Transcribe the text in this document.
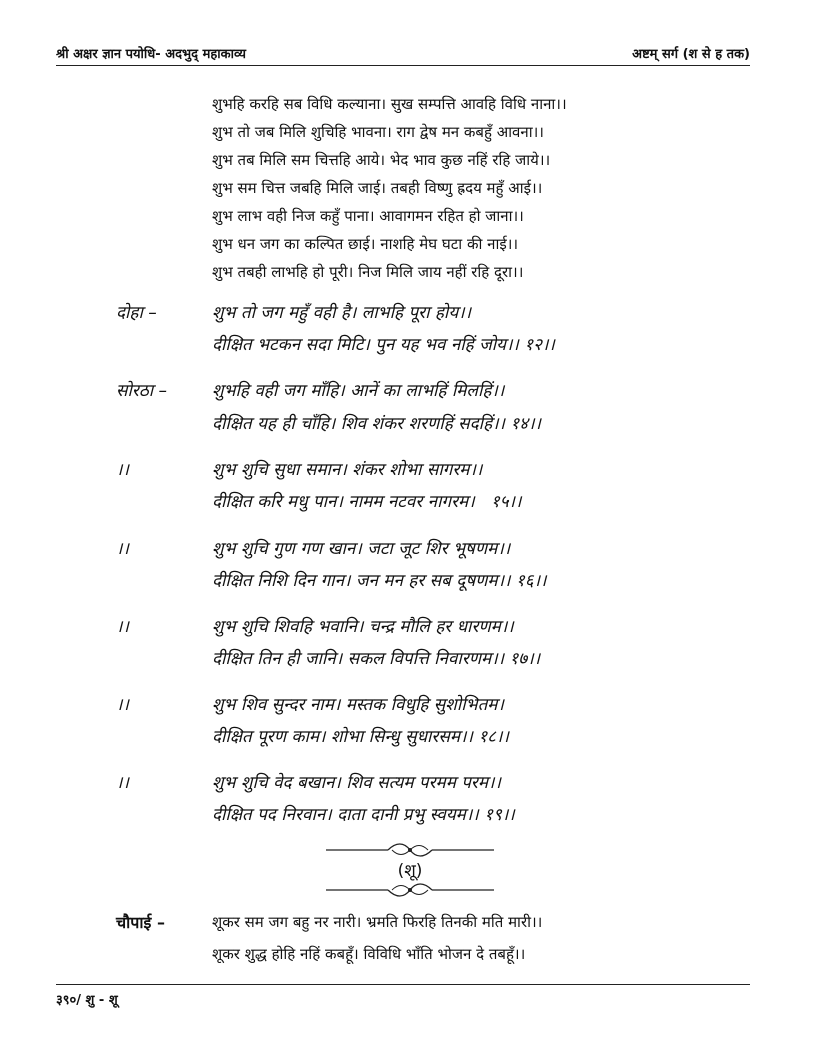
श्री अक्षर ज्ञान पयोधि- अदभुद् महाकाव्य	अष्टम् सर्ग (श से ह तक)
शुभहि करहि सब विधि कल्याना। सुख सम्पत्ति आवहि विधि नाना।।
शुभ तो जब मिलि शुचिहि भावना। राग द्वेष मन कबहुँ आवना।।
शुभ तब मिलि सम चित्तहि आये। भेद भाव कुछ नहिं रहि जाये।।
शुभ सम चित्त जबहि मिलि जाई। तबही विष्णु ह्रदय महुँ आई।।
शुभ लाभ वही निज कहुँ पाना। आवागमन रहित हो जाना।।
शुभ धन जग का कल्पित छाई। नाशहि मेघ घटा की नाई।।
शुभ तबही लाभहि हो पूरी। निज मिलि जाय नहीं रहि दूरा।।
दोहा –	शुभ तो जग महुँ वही है। लाभहि पूरा होय।।
दीक्षित भटकन सदा मिटि। पुन यह भव नहिं जोय।। १२।।
सोरठा –	शुभहि वही जग माँहि। आनें का लाभहिं मिलहिं।।
दीक्षित यह ही चाँहि। शिव शंकर शरणहिं सदहिं।। १४।।
।।	शुभ शुचि सुधा समान। शंकर शोभा सागरम।।
दीक्षित करि मधु पान। नामम नटवर नागरम।   १५।।
।।	शुभ शुचि गुण गण खान। जटा जूट शिर भूषणम।।
दीक्षित निशि दिन गान। जन मन हर सब दूषणम।। १६।।
।।	शुभ शुचि शिवहि भवानि। चन्द्र मौलि हर धारणम।।
दीक्षित तिन ही जानि। सकल विपत्ति निवारणम।। १७।।
।।	शुभ शिव सुन्दर नाम। मस्तक विधुहि सुशोभितम।
दीक्षित पूरण काम। शोभा सिन्धु सुधारसम।। १८।।
।।	शुभ शुचि वेद बखान। शिव सत्यम परमम परम।।
दीक्षित पद निरवान। दाता दानी प्रभु स्वयम।। १९।।
(शू)
चौपाई –	शूकर सम जग बहु नर नारी। भ्रमति फिरहि तिनकी मति मारी।।
शूकर शुद्ध होहि नहिं कबहूँ। विविधि भाँति भोजन दे तबहूँ।।
३९०/ शु - शू
